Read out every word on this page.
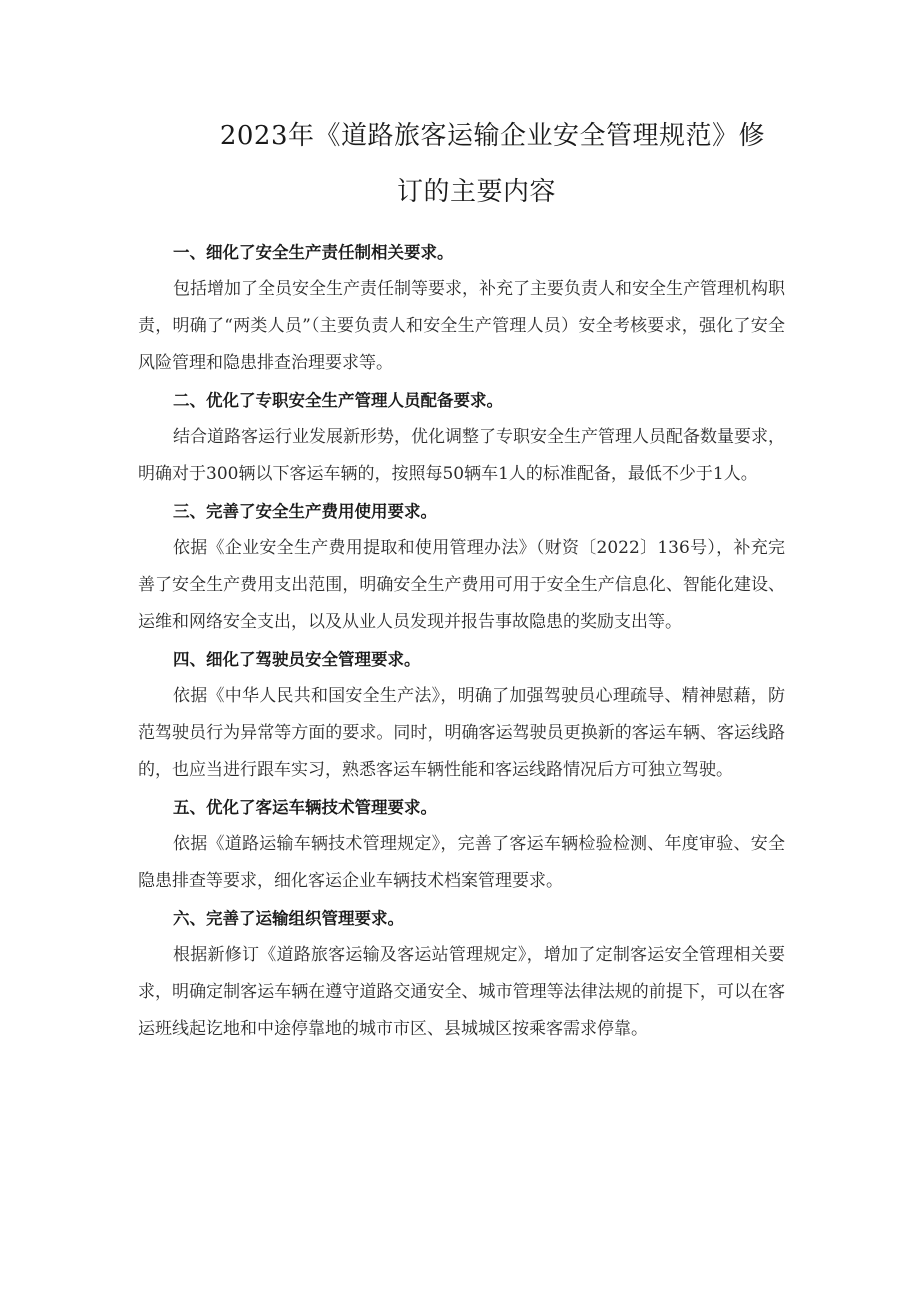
2023年《道路旅客运输企业安全管理规范》修
订的主要内容

一、细化了安全生产责任制相关要求。

包括增加了全员安全生产责任制等要求，补充了主要负责人和安全生产管理机构职责，明确了“两类人员”（主要负责人和安全生产管理人员）安全考核要求，强化了安全风险管理和隐患排查治理要求等。

二、优化了专职安全生产管理人员配备要求。

结合道路客运行业发展新形势，优化调整了专职安全生产管理人员配备数量要求，明确对于300辆以下客运车辆的，按照每50辆车1人的标准配备，最低不少于1人。

三、完善了安全生产费用使用要求。

依据《企业安全生产费用提取和使用管理办法》（财资〔2022〕136号），补充完善了安全生产费用支出范围，明确安全生产费用可用于安全生产信息化、智能化建设、运维和网络安全支出，以及从业人员发现并报告事故隐患的奖励支出等。

四、细化了驾驶员安全管理要求。

依据《中华人民共和国安全生产法》，明确了加强驾驶员心理疏导、精神慰藉，防范驾驶员行为异常等方面的要求。同时，明确客运驾驶员更换新的客运车辆、客运线路的，也应当进行跟车实习，熟悉客运车辆性能和客运线路情况后方可独立驾驶。

五、优化了客运车辆技术管理要求。

依据《道路运输车辆技术管理规定》，完善了客运车辆检验检测、年度审验、安全隐患排查等要求，细化客运企业车辆技术档案管理要求。

六、完善了运输组织管理要求。

根据新修订《道路旅客运输及客运站管理规定》，增加了定制客运安全管理相关要求，明确定制客运车辆在遵守道路交通安全、城市管理等法律法规的前提下，可以在客运班线起讫地和中途停靠地的城市市区、县城城区按乘客需求停靠。
